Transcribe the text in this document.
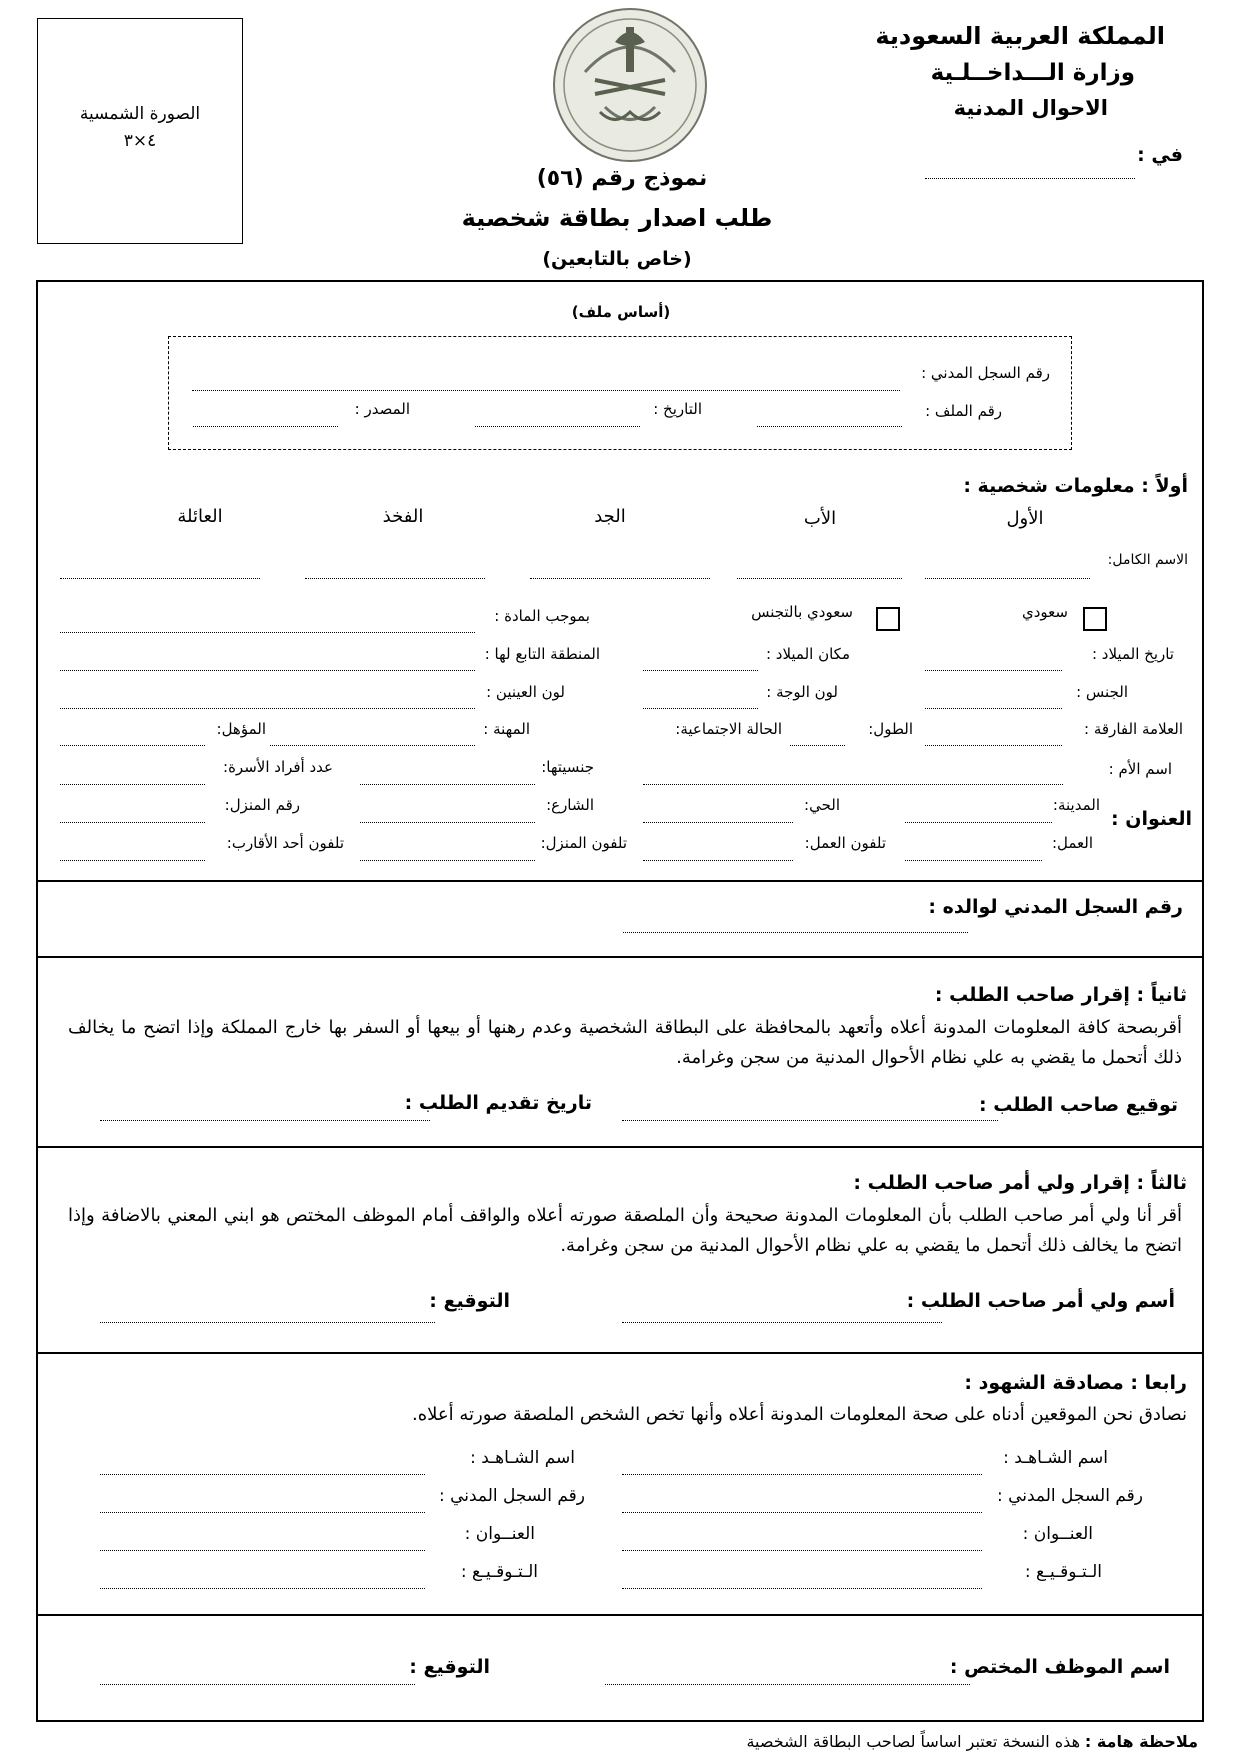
الصورة الشمسية
٤×٣
المملكة العربية السعودية
وزارة الـــداخــلـية
الاحوال المدنية
في :
نموذج رقم (٥٦)
طلب اصدار بطاقة شخصية
(خاص بالتابعين)
(أساس ملف)
رقم السجل المدني :
رقم الملف :
التاريخ :
المصدر :
أولاً : معلومات شخصية :
الأول
الأب
الجد
الفخذ
العائلة
الاسم الكامل:
سعودي
سعودي بالتجنس
بموجب المادة :
تاريخ الميلاد :
مكان الميلاد :
المنطقة التابع لها :
الجنس :
لون الوجة :
لون العينين :
العلامة الفارقة :
الطول:
الحالة الاجتماعية:
المهنة :
المؤهل:
اسم الأم :
جنسيتها:
عدد أفراد الأسرة:
العنوان :
المدينة:
الحي:
الشارع:
رقم المنزل:
العمل:
تلفون العمل:
تلفون المنزل:
تلفون أحد الأقارب:
رقم السجل المدني لوالده :
ثانياً : إقرار صاحب الطلب :
أقربصحة كافة المعلومات المدونة أعلاه وأتعهد بالمحافظة على البطاقة الشخصية وعدم رهنها أو بيعها أو السفر بها خارج المملكة وإذا اتضح ما يخالف ذلك أتحمل ما يقضي به علي نظام الأحوال المدنية من سجن وغرامة.
توقيع صاحب الطلب :
تاريخ تقديم الطلب :
ثالثاً : إقرار ولي أمر صاحب الطلب :
أقر أنا ولي أمر صاحب الطلب بأن المعلومات المدونة صحيحة وأن الملصقة صورته أعلاه والواقف أمام الموظف المختص هو ابني المعني بالاضافة وإذا اتضح ما يخالف ذلك أتحمل ما يقضي به علي نظام الأحوال المدنية من سجن وغرامة.
أسم ولي أمر صاحب الطلب :
التوقيع :
رابعا : مصادقة الشهود :
نصادق نحن الموقعين أدناه على صحة المعلومات المدونة أعلاه وأنها تخص الشخص الملصقة صورته أعلاه.
اسم الشـاهـد :
اسم الشـاهـد :
رقم السجل المدني :
رقم السجل المدني :
العنــوان :
العنــوان :
الـتـوقـيـع :
الـتـوقـيـع :
اسم الموظف المختص :
التوقيع :
ملاحظة هامة :
هذه النسخة تعتبر اساساً لصاحب البطاقة الشخصية
